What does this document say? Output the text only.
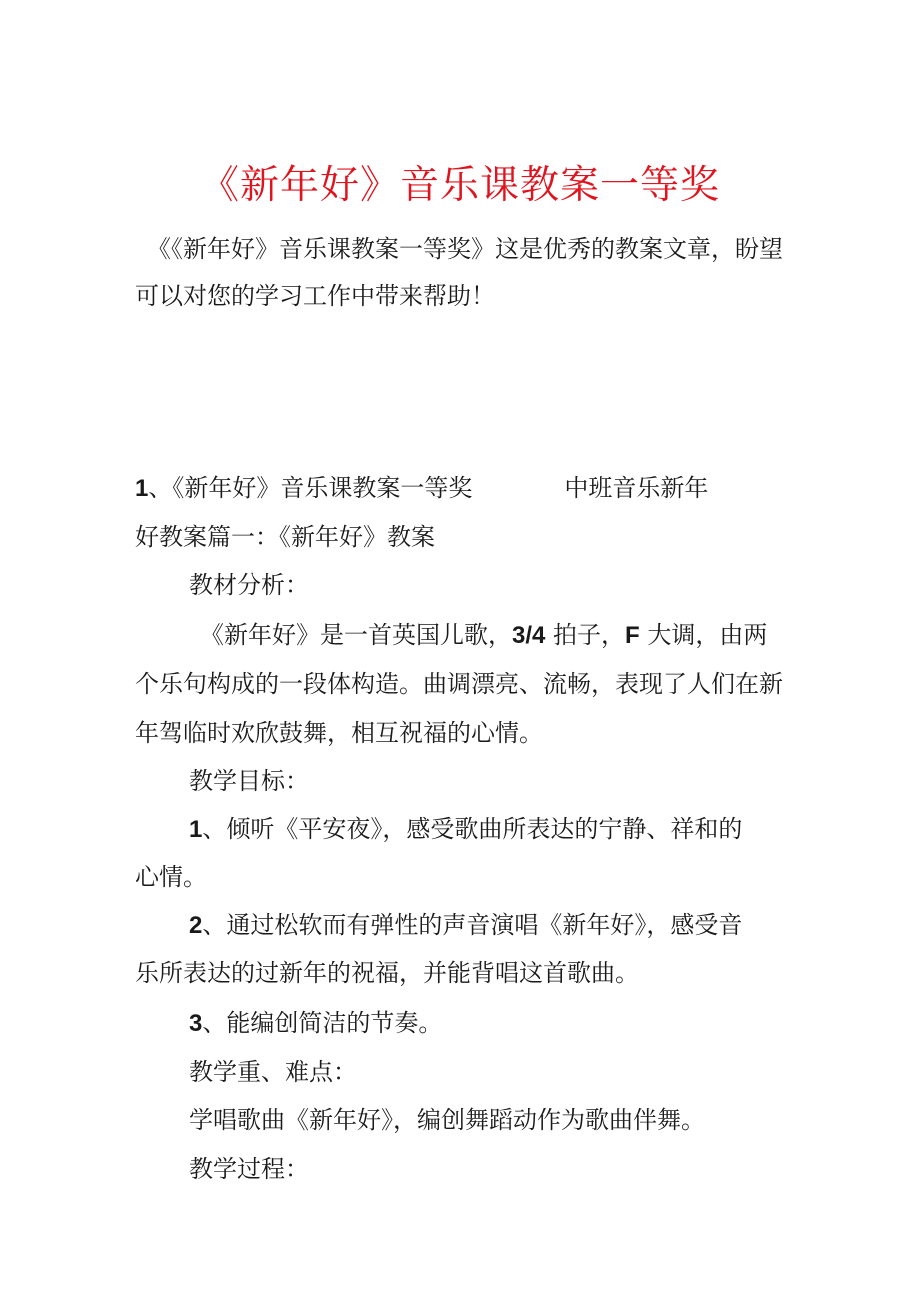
《新年好》音乐课教案一等奖
《《新年好》音乐课教案一等奖》这是优秀的教案文章，盼望可以对您的学习工作中带来帮助！
1、《新年好》音乐课教案一等奖	中班音乐新年
好教案篇一：《新年好》教案
教材分析：
《新年好》是一首英国儿歌，3/4 拍子，F 大调，由两
个乐句构成的一段体构造。曲调漂亮、流畅，表现了人们在新
年驾临时欢欣鼓舞，相互祝福的心情。
教学目标：
1、倾听《平安夜》，感受歌曲所表达的宁静、祥和的
心情。
2、通过松软而有弹性的声音演唱《新年好》，感受音
乐所表达的过新年的祝福，并能背唱这首歌曲。
3、能编创简洁的节奏。
教学重、难点：
学唱歌曲《新年好》，编创舞蹈动作为歌曲伴舞。
教学过程：
